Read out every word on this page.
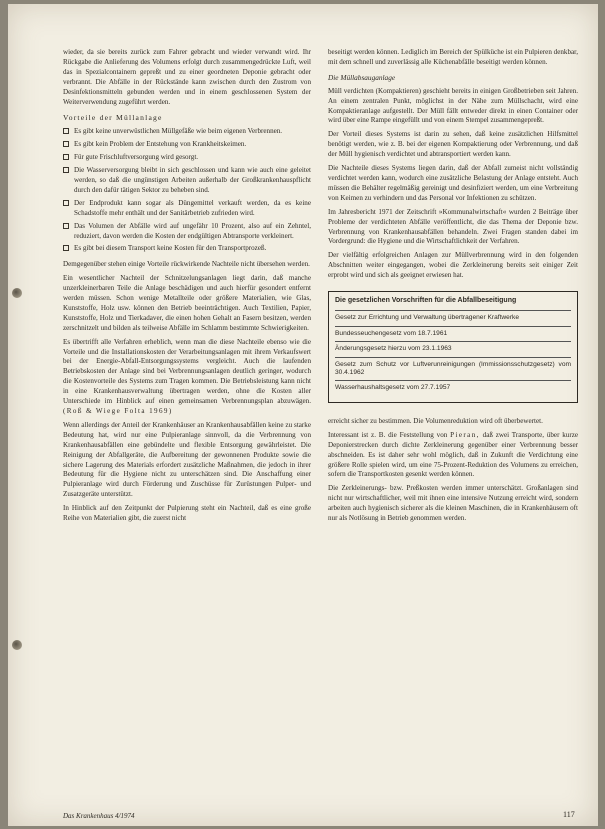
wieder, da sie bereits zurück zum Fahrer gebracht und wieder verwandt wird. Ihr Rückgabe die Anlieferung des Volumens erfolgt durch zusammengedrückte Luft, weil das in Spezialcontainern gepreßt und zu einer geordneten Deponie gebracht oder verbrannt. Die Abfälle in der Rückstände kann zwischen durch den Zustrom von Desinfektionsmitteln gebunden werden und in einem geschlossenen System der Weiterverwendung zugeführt werden.

Vorteile der Müllanlage
Es gibt keine unverwüstlichen Müllgefäße wie beim eigenen Verbrennen.
Es gibt kein Problem der Entstehung von Krankheitskeimen.
Für gute Frischluftversorgung wird gesorgt.
Die Wasserversorgung bleibt in sich geschlossen und kann wie auch eine geleitet werden, so daß die ungünstigen Arbeiten außerhalb der Großkrankenhauspflicht durch den dafür tätigen Sektor zu beheben sind.
Der Endprodukt kann sogar als Düngemittel verkauft werden, da es keine Schadstoffe mehr enthält und der Sanitärbetrieb zufrieden wird.
Das Volumen der Abfälle wird auf ungefähr 10 Prozent, also auf ein Zehntel, reduziert, davon werden die Kosten der endgültigen Abtransporte verkleinert.
Es gibt bei diesem Transport keine Kosten für den Transportprozeß.

Demgegenüber stehen einige Vorteile rückwirkende Nachteile nicht übersehen werden.

Ein wesentlicher Nachteil der Schnitzelungsanlagen liegt darin, daß manche unzerkleinerbaren Teile die Anlage beschädigen und auch hierfür gesondert entfernt werden müssen. Schon wenige Metallteile oder größere Materialien, wie Glas, Kunststoffe, Holz usw. können den Betrieb beeinträchtigen. Auch Textilien, Papier, Kunststoffe, Holz und Tierkadaver, die einen hohen Gehalt an Fasern besitzen, werden zerschnitzelt und bilden als teilweise Abfälle im Schlamm bestimmte Schwierigkeiten.

Es übertrifft alle Verfahren erheblich, wenn man die diese Nachteile ebenso wie die Vorteile und die Installationskosten der Verarbeitungsanlagen mit ihrem Verkaufswert bei der Energie-Abfall-Entsorgungssystems vergleicht. Auch die laufenden Betriebskosten der Anlage sind bei Verbrennungsanlagen deutlich geringer, wodurch die Kostenvorteile des Systems zum Tragen kommen. Die Betriebsleistung kann nicht in eine Krankenhausverwaltung übertragen werden, ohne die Kosten aller Unterschiede im Hinblick auf einen gemeinsamen Verbrennungsplan abzuwägen. (Roß & Wiege Folta 1969)

Wenn allerdings der Anteil der Krankenhäuser an Krankenhausabfällen keine zu starke Bedeutung hat, wird nur eine Pulpieranlage sinnvoll, da die Verbrennung von Krankenhausabfällen eine gebündelte und flexible Entsorgung gewährleistet. Die Reinigung der Abfallgeräte, die Aufbereitung der gewonnenen Produkte sowie die sichere Lagerung des Materials erfordert zusätzliche Maßnahmen, die jedoch in ihrer Bedeutung für die Hygiene nicht zu unterschätzen sind. Die Anschaffung einer Pulpieranlage wird durch Förderung und Zuschüsse für Zurüstungen Pulper- und Zusatzgeräte unterstützt.

In Hinblick auf den Zeitpunkt der Pulpierung steht ein Nachteil, daß es eine große Reihe von Materialien gibt, die zuerst nicht

beseitigt werden können. Lediglich im Bereich der Spülküche ist ein Pulpieren denkbar, mit dem schnell und zuverlässig alle Küchenabfälle beseitigt werden können.

Die Müllabsauganlage

Müll verdichten (Kompaktieren) geschieht bereits in einigen Großbetrieben seit Jahren. An einem zentralen Punkt, möglichst in der Nähe zum Müllschacht, wird eine Kompaktieranlage aufgestellt. Der Müll fällt entweder direkt in einen Container oder wird über eine Rampe eingefüllt und von einem Stempel zusammengepreßt.

Der Vorteil dieses Systems ist darin zu sehen, daß keine zusätzlichen Hilfsmittel benötigt werden, wie z. B. bei der eigenen Kompaktierung oder Verbrennung, und daß der Müll hygienisch verdichtet und abtransportiert werden kann.

Die Nachteile dieses Systems liegen darin, daß der Abfall zumeist nicht vollständig verdichtet werden kann, wodurch eine zusätzliche Belastung der Anlage entsteht. Auch müssen die Behälter regelmäßig gereinigt und desinfiziert werden, um eine Verbreitung von Keimen zu verhindern und das Personal vor Infektionen zu schützen.

Im Jahresbericht 1971 der Zeitschrift »Kommunalwirtschaft« wurden 2 Beiträge über Probleme der verdichteten Abfälle veröffentlicht, die das Thema der Deponie bzw. Verbrennung von Krankenhausabfällen behandeln. Zwei Fragen standen dabei im Vordergrund: die Hygiene und die Wirtschaftlichkeit der Verfahren.

Der vielfältig erfolgreichen Anlagen zur Müllverbrennung wird in den folgenden Abschnitten weiter eingegangen, wobei die Zerkleinerung bereits seit einiger Zeit erprobt wird und sich als geeignet erwiesen hat.

Die gesetzlichen Vorschriften für die Abfallbeseitigung
Gesetz zur Errichtung und Verwaltung übertragener Kraftwerke
Bundesseuchengesetz vom 18.7.1961
Änderungsgesetz hierzu vom 23.1.1963
Gesetz zum Schutz vor Luftverunreinigungen (Immissionsschutzgesetz) vom 30.4.1962
Wasserhaushaltsgesetz vom 27.7.1957

erreicht sicher zu bestimmen. Die Volumenreduktion wird oft überbewertet.

Interessant ist z. B. die Feststellung von Pieran, daß zwei Transporte, über kurze Deponierstrecken durch dichte Zerkleinerung gegenüber einer Verbrennung besser abschneiden. Es ist daher sehr wohl möglich, daß in Zukunft die Verdichtung eine größere Rolle spielen wird, um eine 75-Prozent-Reduktion des Volumens zu erreichen, sofern die Transportkosten gesenkt werden können.

Die Zerkleinerungs- bzw. Preßkosten werden immer unterschätzt. Großanlagen sind nicht nur wirtschaftlicher, weil mit ihnen eine intensive Nutzung erreicht wird, sondern arbeiten auch hygienisch sicherer als die kleinen Maschinen, die in Krankenhäusern oft nur als Notlösung in Betrieb genommen werden.

Das Krankenhaus 4/1974	117
